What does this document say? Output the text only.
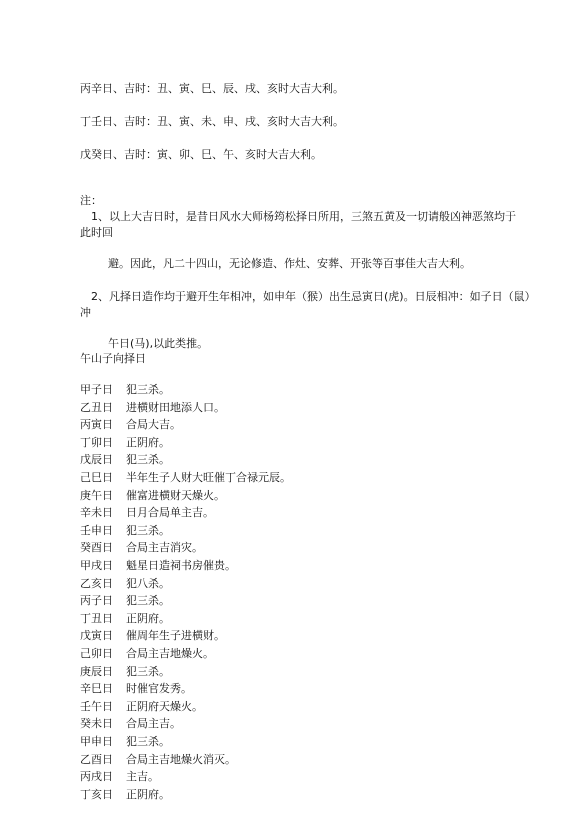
丙辛日、吉时：丑、寅、巳、辰、戌、亥时大吉大利。
丁壬日、吉时：丑、寅、未、申、戌、亥时大吉大利。
戊癸日、吉时：寅、卯、巳、午、亥时大吉大利。
注：
1、以上大吉日时，是昔日风水大师杨筠松择日所用，三煞五黄及一切请般凶神恶煞均于
此时回
避。因此，凡二十四山，无论修造、作灶、安葬、开张等百事佳大吉大利。
2、凡择日造作均于避开生年相冲，如申年（猴）出生忌寅日(虎)。日辰相冲：如子日（鼠）
冲
午日(马),以此类推。
午山子向择日
甲子日 犯三杀。
乙丑日 进横财田地添人口。
丙寅日 合局大吉。
丁卯日 正阴府。
戊辰日 犯三杀。
己巳日 半年生子人财大旺催丁合禄元辰。
庚午日 催富进横财天燥火。
辛未日 日月合局单主吉。
壬申日 犯三杀。
癸酉日 合局主吉消灾。
甲戌日 魁星日造祠书房催贵。
乙亥日 犯八杀。
丙子日 犯三杀。
丁丑日 正阴府。
戊寅日 催周年生子进横财。
己卯日 合局主吉地燥火。
庚辰日 犯三杀。
辛巳日 时催官发秀。
壬午日 正阴府天燥火。
癸未日 合局主吉。
甲申日 犯三杀。
乙酉日 合局主吉地燥火消灭。
丙戌日 主吉。
丁亥日 正阴府。
